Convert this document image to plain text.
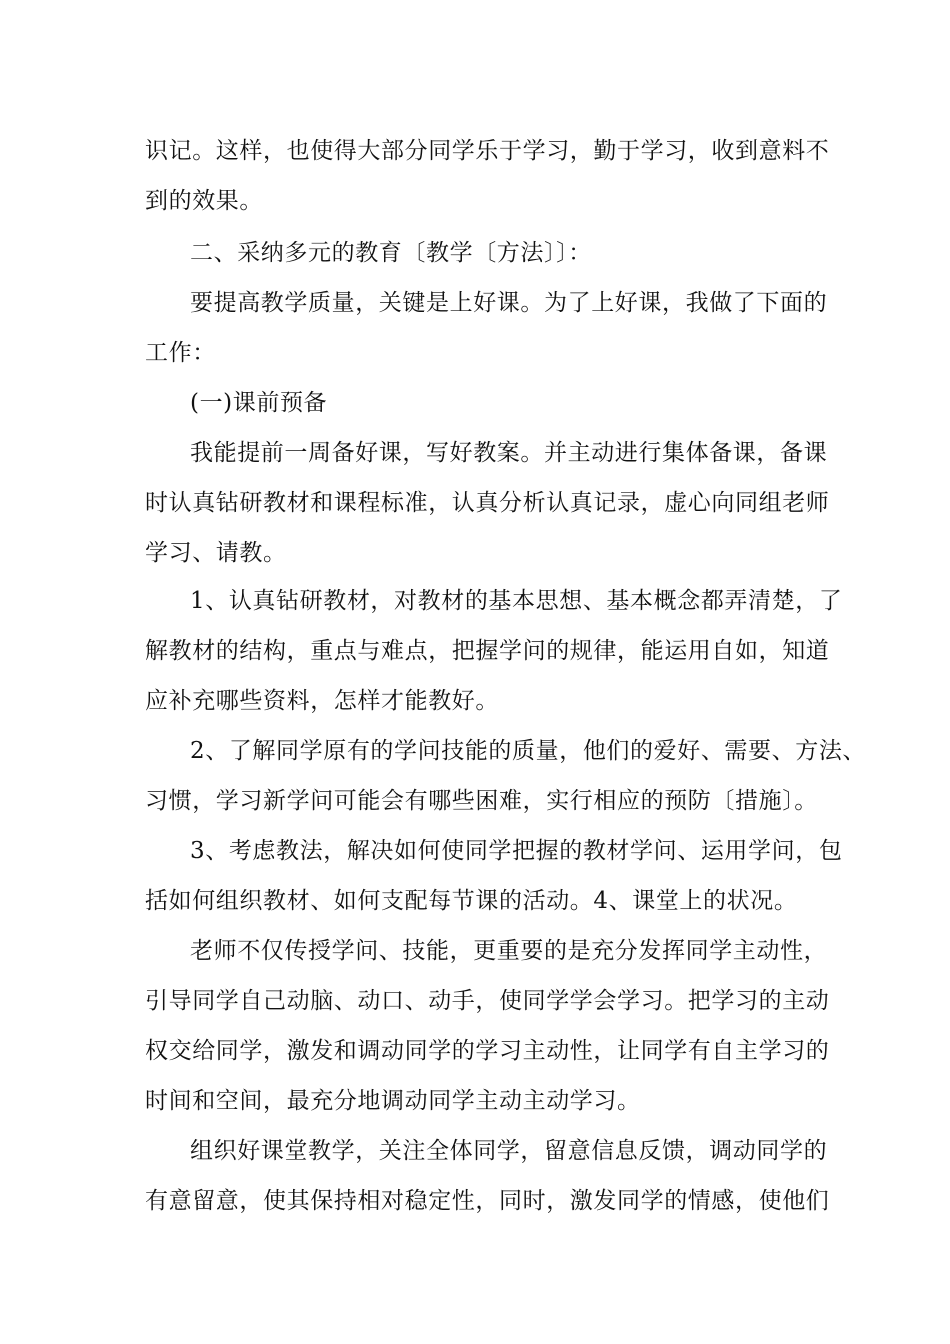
识记。这样，也使得大部分同学乐于学习，勤于学习，收到意料不
到的效果。
二、采纳多元的教育〔教学〔方法〕〕：
要提高教学质量，关键是上好课。为了上好课，我做了下面的
工作：
(一)课前预备
我能提前一周备好课，写好教案。并主动进行集体备课，备课
时认真钻研教材和课程标准，认真分析认真记录，虚心向同组老师
学习、请教。
1、认真钻研教材，对教材的基本思想、基本概念都弄清楚，了
解教材的结构，重点与难点，把握学问的规律，能运用自如，知道
应补充哪些资料，怎样才能教好。
2、了解同学原有的学问技能的质量，他们的爱好、需要、方法、
习惯，学习新学问可能会有哪些困难，实行相应的预防〔措施〕。
3、考虑教法，解决如何使同学把握的教材学问、运用学问，包
括如何组织教材、如何支配每节课的活动。4、课堂上的状况。
老师不仅传授学问、技能，更重要的是充分发挥同学主动性，
引导同学自己动脑、动口、动手，使同学学会学习。把学习的主动
权交给同学，激发和调动同学的学习主动性，让同学有自主学习的
时间和空间，最充分地调动同学主动主动学习。
组织好课堂教学，关注全体同学，留意信息反馈，调动同学的
有意留意，使其保持相对稳定性，同时，激发同学的情感，使他们
